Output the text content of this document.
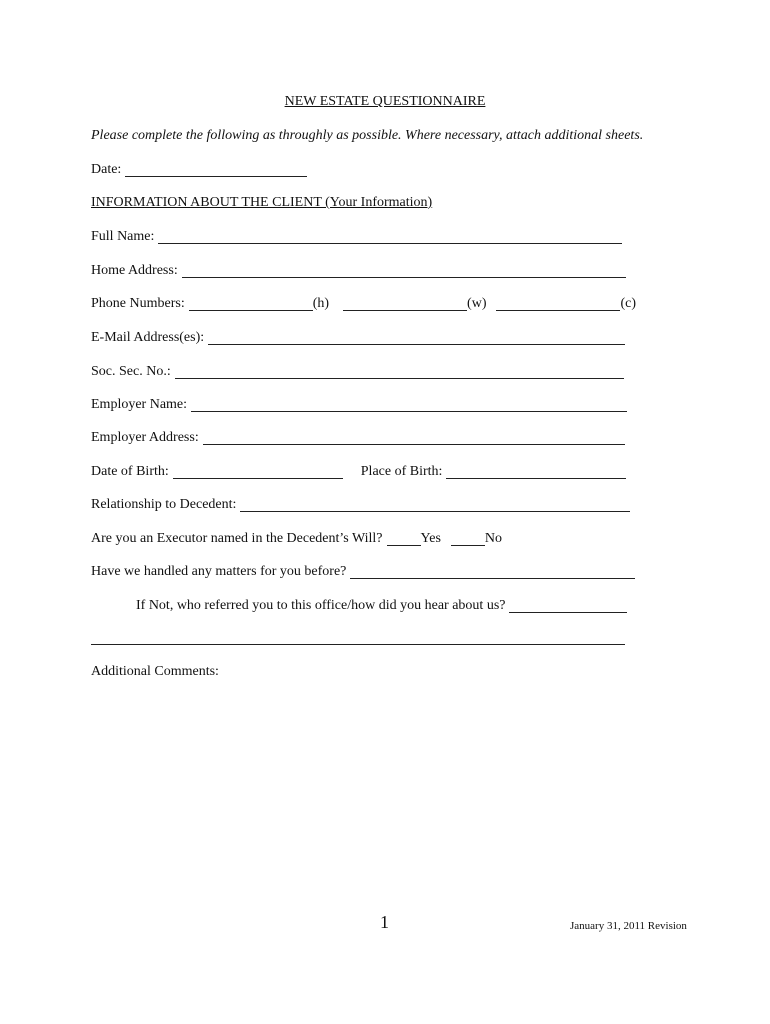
NEW ESTATE QUESTIONNAIRE
Please complete the following as throughly as possible. Where necessary, attach additional sheets.
Date:
INFORMATION ABOUT THE CLIENT (Your Information)
Full Name:
Home Address:
Phone Numbers:	(h)	(w)	(c)
E-Mail Address(es):
Soc. Sec. No.:
Employer Name:
Employer Address:
Date of Birth:	Place of Birth:
Relationship to Decedent:
Are you an Executor named in the Decedent’s Will?	Yes	No
Have we handled any matters for you before?
If Not, who referred you to this office/how did you hear about us?
Additional Comments:
1	January 31, 2011 Revision
